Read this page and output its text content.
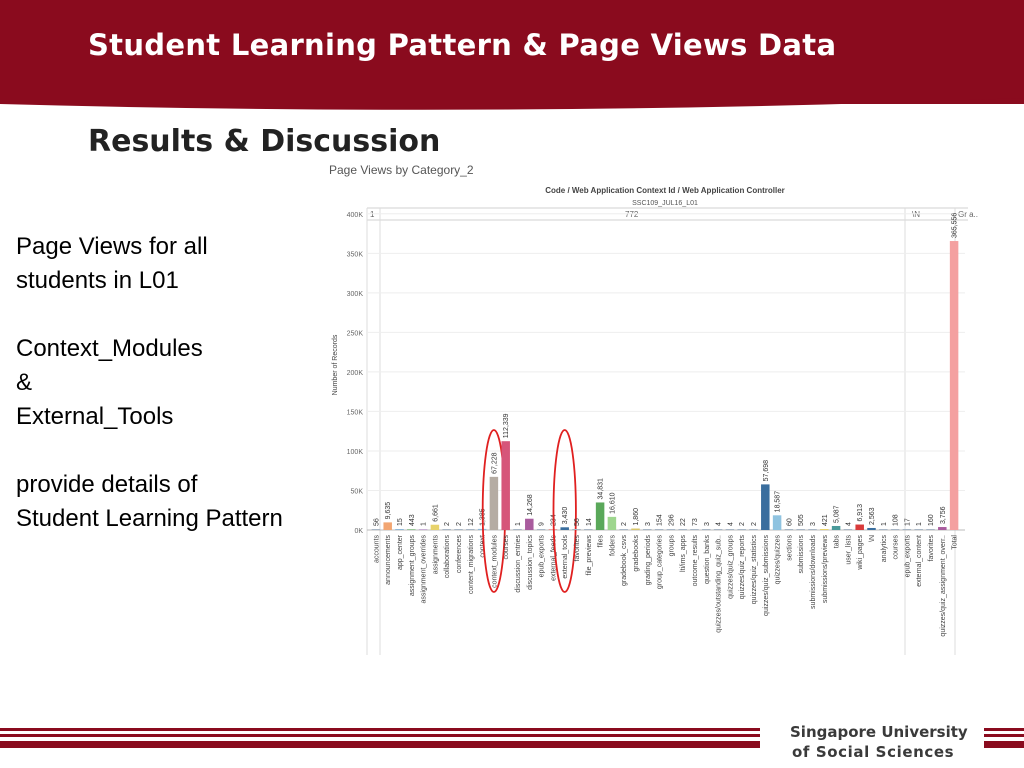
Student Learning Pattern & Page Views Data
Results & Discussion
Page Views for all
students in L01
Context_Modules
&
External_Tools
provide details of
Student Learning Pattern
Page Views by Category_2
Code / Web Application Context Id / Web Application Controller
SSC109_JUL16_L01
1	772	\N	Gr a..
0K
50K
100K
150K
200K
250K
300K
350K
400K
Number of Records
56
accounts
9,635
announcements
15
app_center
443
assignment_groups
1
assignment_overrides
6,661
assignments
2
collaborations
2
conferences
12
content_migrations
1,385
context
67,228
context_modules
112,339
courses
1
discussion_entries
14,268
discussion_topics
9
epub_exports
234
external_feeds
3,430
external_tools
56
favorites
14
file_previews
34,831
files
16,610
folders
2
gradebook_csvs
1,860
gradebooks
3
grading_periods
154
group_categories
296
groups
22
lti/ims_apps
73
outcome_results
3
question_banks
4
quizzes/outstanding_quiz_sub..
4
quizzes/quiz_groups
2
quizzes/quiz_reports
2
quizzes/quiz_statistics
57,698
quizzes/quiz_submissions
18,587
quizzes/quizzes
60
sections
505
submissions
3
submissions/downloads
421
submissions/previews
5,087
tabs
4
user_lists
6,913
wiki_pages
2,563
\N
1
analytics
108
courses
17
epub_exports
1
external_content
160
favorites
3,756
quizzes/quiz_assignment_overr..
365,556
Total
Singapore University
of Social Sciences
